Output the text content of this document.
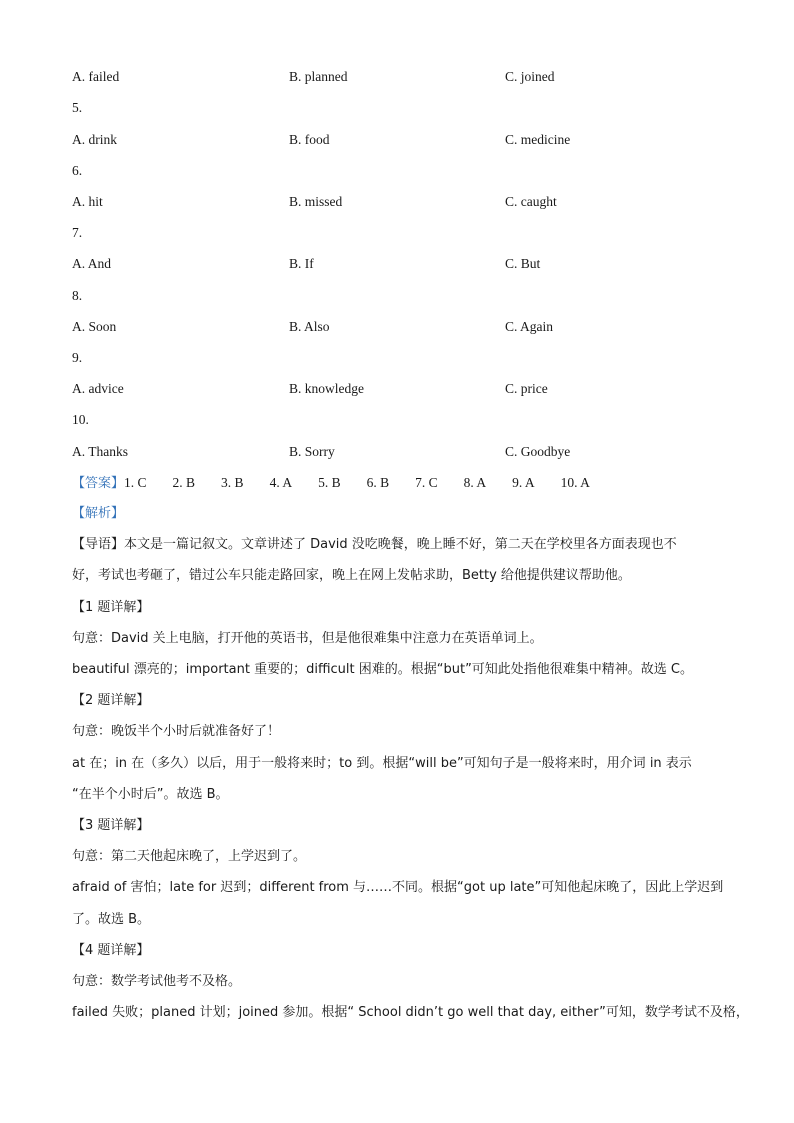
A. failed	B. planned	C. joined
5.
A. drink	B. food	C. medicine
6.
A. hit	B. missed	C. caught
7.
A. And	B. If	C. But
8.
A. Soon	B. Also	C. Again
9.
A. advice	B. knowledge	C. price
10.
A. Thanks	B. Sorry	C. Goodbye
【答案】1. C 2. B 3. B 4. A 5. B 6. B 7. C 8. A 9. A 10. A
【解析】
【导语】本文是一篇记叙文。文章讲述了 David 没吃晚餐，晚上睡不好，第二天在学校里各方面表现也不
好，考试也考砸了，错过公车只能走路回家，晚上在网上发帖求助，Betty 给他提供建议帮助他。
【1 题详解】
句意：David 关上电脑，打开他的英语书，但是他很难集中注意力在英语单词上。
beautiful 漂亮的；important 重要的；difficult 困难的。根据“but”可知此处指他很难集中精神。故选 C。
【2 题详解】
句意：晚饭半个小时后就准备好了！
at 在；in 在（多久）以后，用于一般将来时；to 到。根据“will be”可知句子是一般将来时，用介词 in 表示
“在半个小时后”。故选 B。
【3 题详解】
句意：第二天他起床晚了，上学迟到了。
afraid of 害怕；late for 迟到；different from 与……不同。根据“got up late”可知他起床晚了，因此上学迟到
了。故选 B。
【4 题详解】
句意：数学考试他考不及格。
failed 失败；planed 计划；joined 参加。根据“ School didn’t go well that day, either”可知，数学考试不及格，
